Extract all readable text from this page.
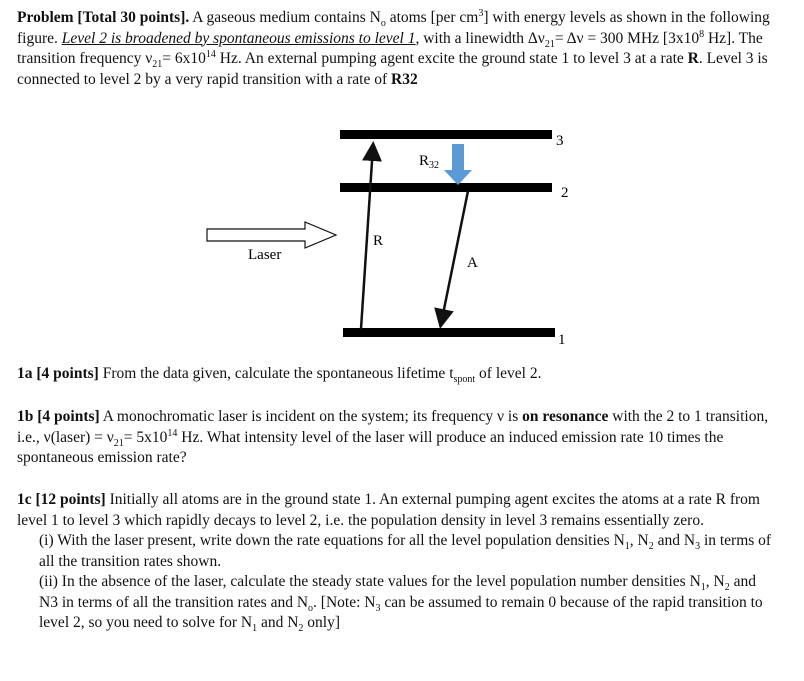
Problem [Total 30 points]. A gaseous medium contains $N_o$ atoms [per $cm^3$] with energy levels as shown in the following figure. Level 2 is broadened by spontaneous emissions to level 1, with a linewidth $\Delta\nu_{21}= \Delta\nu = 300$ MHz [$3x10^8$ Hz]. The transition frequency $\nu_{21}= 6x10^{14}$ Hz. An external pumping agent excite the ground state 1 to level 3 at a rate R. Level 3 is connected to level 2 by a very rapid transition with a rate of R32
3
2
1
R
$R_{32}$
A
Laser
1a [4 points] From the data given, calculate the spontaneous lifetime $t_{spont}$ of level 2.
1b [4 points] A monochromatic laser is incident on the system; its frequency ν is on resonance with the 2 to 1 transition, i.e., ν(laser) = $\nu_{21}= 5x10^{14}$ Hz. What intensity level of the laser will produce an induced emission rate 10 times the spontaneous emission rate?
1c [12 points] Initially all atoms are in the ground state 1. An external pumping agent excites the atoms at a rate R from level 1 to level 3 which rapidly decays to level 2, i.e. the population density in level 3 remains essentially zero.
(i) With the laser present, write down the rate equations for all the level population densities $N_1$, $N_2$ and $N_3$ in terms of all the transition rates shown.
(ii) In the absence of the laser, calculate the steady state values for the level population number densities $N_1$, $N_2$ and N3 in terms of all the transition rates and $N_o$. [Note: $N_3$ can be assumed to remain 0 because of the rapid transition to level 2, so you need to solve for $N_1$ and $N_2$ only]
